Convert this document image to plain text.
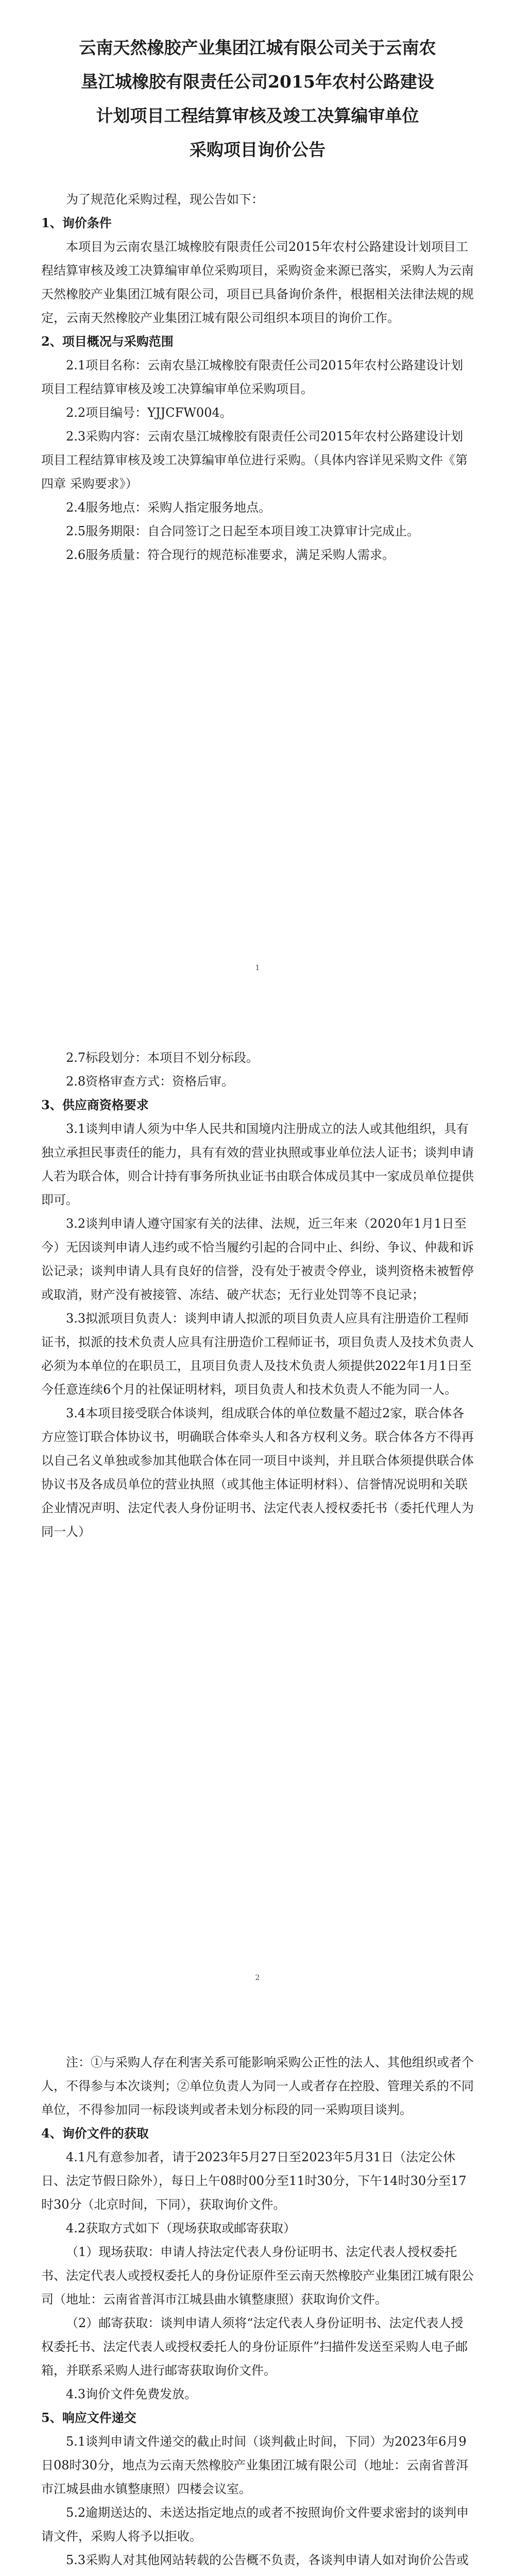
云南天然橡胶产业集团江城有限公司关于云南农
垦江城橡胶有限责任公司2015年农村公路建设
计划项目工程结算审核及竣工决算编审单位
采购项目询价公告

为了规范化采购过程，现公告如下：

1、询价条件

本项目为云南农垦江城橡胶有限责任公司2015年农村公路建设计划项目工程结算审核及竣工决算编审单位采购项目，采购资金来源已落实，采购人为云南天然橡胶产业集团江城有限公司，项目已具备询价条件，根据相关法律法规的规定，云南天然橡胶产业集团江城有限公司组织本项目的询价工作。

2、项目概况与采购范围

2.1项目名称：云南农垦江城橡胶有限责任公司2015年农村公路建设计划项目工程结算审核及竣工决算编审单位采购项目。

2.2项目编号：YJJCFW004。

2.3采购内容：云南农垦江城橡胶有限责任公司2015年农村公路建设计划项目工程结算审核及竣工决算编审单位进行采购。（具体内容详见采购文件《第四章 采购要求》）

2.4服务地点：采购人指定服务地点。

2.5服务期限：自合同签订之日起至本项目竣工决算审计完成止。

2.6服务质量：符合现行的规范标准要求，满足采购人需求。

1

2.7标段划分：本项目不划分标段。

2.8资格审查方式：资格后审。

3、供应商资格要求

3.1谈判申请人须为中华人民共和国境内注册成立的法人或其他组织，具有独立承担民事责任的能力，具有有效的营业执照或事业单位法人证书；谈判申请人若为联合体，则合计持有事务所执业证书由联合体成员其中一家成员单位提供即可。

3.2谈判申请人遵守国家有关的法律、法规，近三年来（2020年1月1日至今）无因谈判申请人违约或不恰当履约引起的合同中止、纠纷、争议、仲裁和诉讼记录；谈判申请人具有良好的信誉，没有处于被责令停业，谈判资格未被暂停或取消，财产没有被接管、冻结、破产状态；无行业处罚等不良记录；

3.3拟派项目负责人：谈判申请人拟派的项目负责人应具有注册造价工程师证书，拟派的技术负责人应具有注册造价工程师证书，项目负责人及技术负责人必须为本单位的在职员工，且项目负责人及技术负责人须提供2022年1月1日至今任意连续6个月的社保证明材料，项目负责人和技术负责人不能为同一人。

3.4本项目接受联合体谈判，组成联合体的单位数量不超过2家，联合体各方应签订联合体协议书，明确联合体牵头人和各方权利义务。联合体各方不得再以自己名义单独或参加其他联合体在同一项目中谈判，并且联合体须提供联合体协议书及各成员单位的营业执照（或其他主体证明材料）、信誉情况说明和关联企业情况声明、法定代表人身份证明书、法定代表人授权委托书（委托代理人为同一人）

2

注：①与采购人存在利害关系可能影响采购公正性的法人、其他组织或者个人，不得参与本次谈判；②单位负责人为同一人或者存在控股、管理关系的不同单位，不得参加同一标段谈判或者未划分标段的同一采购项目谈判。

4、询价文件的获取

4.1凡有意参加者，请于2023年5月27日至2023年5月31日（法定公休日、法定节假日除外），每日上午08时00分至11时30分，下午14时30分至17时30分（北京时间，下同），获取询价文件。

4.2获取方式如下（现场获取或邮寄获取）

（1）现场获取：申请人持法定代表人身份证明书、法定代表人授权委托书、法定代表人或授权委托人的身份证原件至云南天然橡胶产业集团江城有限公司（地址：云南省普洱市江城县曲水镇整康照）获取询价文件。

（2）邮寄获取：谈判申请人须将“法定代表人身份证明书、法定代表人授权委托书、法定代表人或授权委托人的身份证原件”扫描件发送至采购人电子邮箱，并联系采购人进行邮寄获取询价文件。

4.3询价文件免费发放。

5、响应文件递交

5.1谈判申请文件递交的截止时间（谈判截止时间，下同）为2023年6月9日08时30分，地点为云南天然橡胶产业集团江城有限公司（地址：云南省普洱市江城县曲水镇整康照）四楼会议室。

5.2逾期送达的、未送达指定地点的或者不按照询价文件要求密封的谈判申请文件，采购人将予以拒收。

5.3采购人对其他网站转载的公告概不负责，各谈判申请人如对询价公告或
